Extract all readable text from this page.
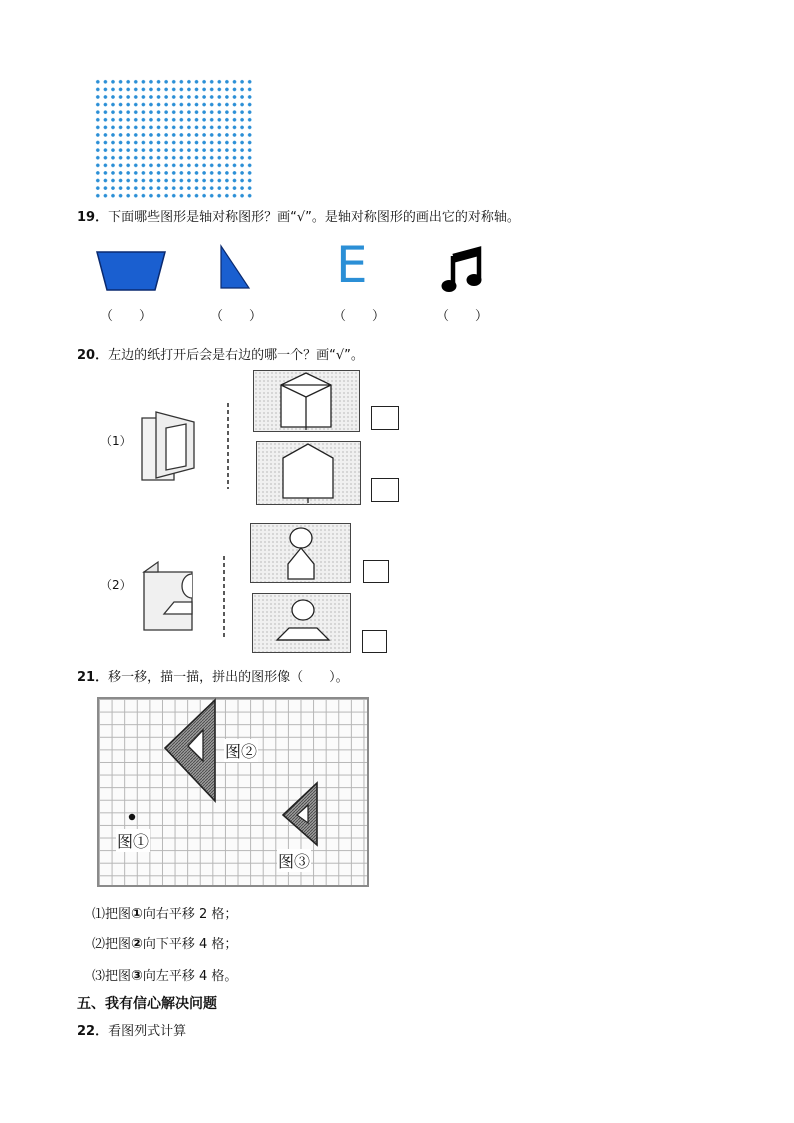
19．下面哪些图形是轴对称图形？画“√”。是轴对称图形的画出它的对称轴。
E
（　　）	（　　）	（　　）	（　　）
20．左边的纸打开后会是右边的哪一个？画“√”。
（1）
（2）
21．移一移，描一描，拼出的图形像（　　）。
图②
图①
图③
⑴把图①向右平移 2 格；
⑵把图②向下平移 4 格；
⑶把图③向左平移 4 格。
五、我有信心解决问题
22．看图列式计算
